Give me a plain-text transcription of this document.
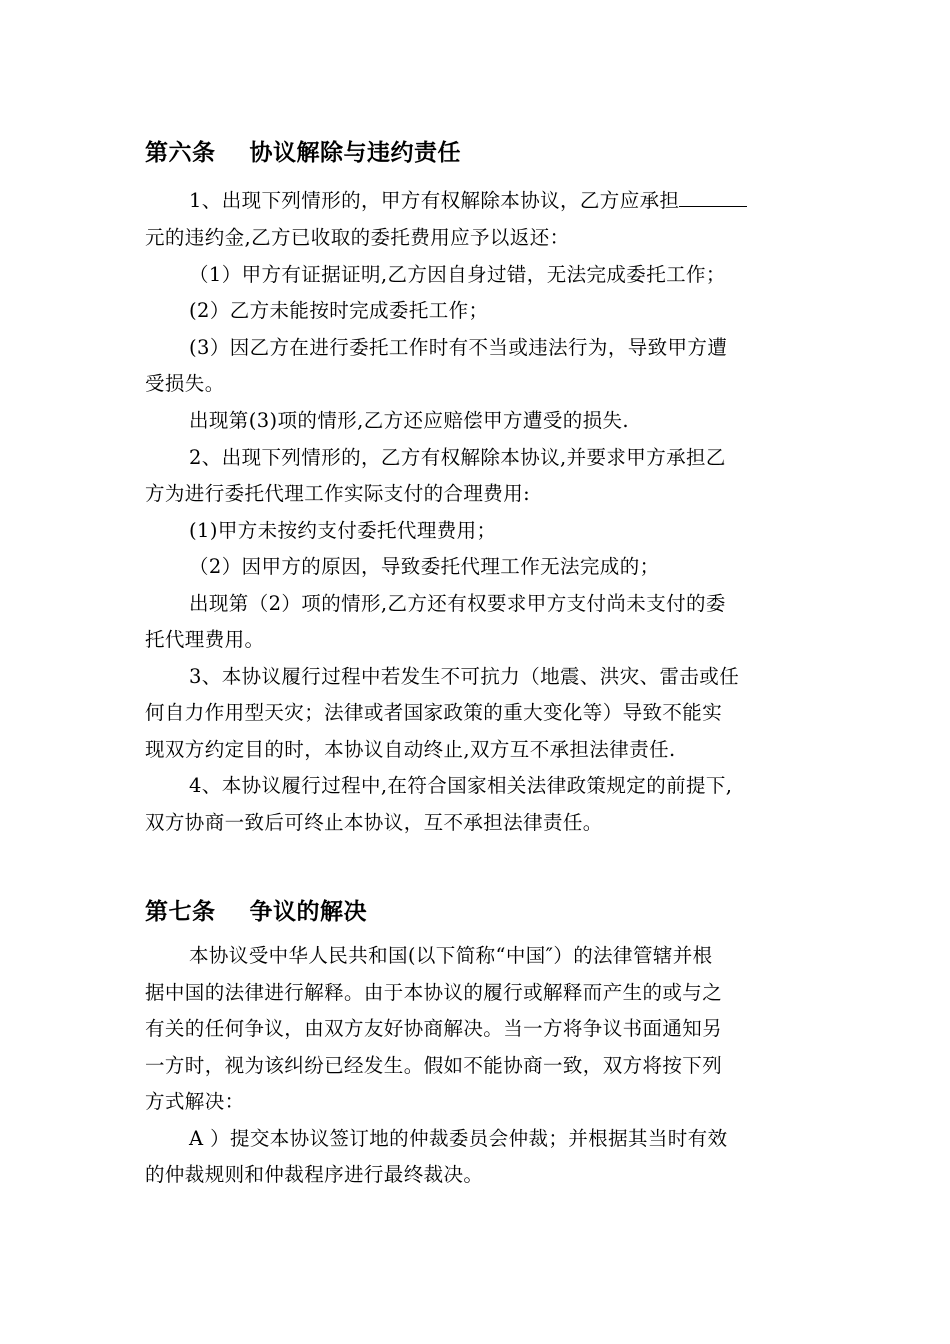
第六条    协议解除与违约责任
1、出现下列情形的，甲方有权解除本协议，乙方应承担
元的违约金,乙方已收取的委托费用应予以返还：
（1）甲方有证据证明,乙方因自身过错，无法完成委托工作；
(2）乙方未能按时完成委托工作；
(3）因乙方在进行委托工作时有不当或违法行为，导致甲方遭
受损失。
出现第(3)项的情形,乙方还应赔偿甲方遭受的损失.
2、出现下列情形的，乙方有权解除本协议,并要求甲方承担乙
方为进行委托代理工作实际支付的合理费用:
(1)甲方未按约支付委托代理费用；
（2）因甲方的原因，导致委托代理工作无法完成的；
出现第（2）项的情形,乙方还有权要求甲方支付尚未支付的委
托代理费用。
3、本协议履行过程中若发生不可抗力（地震、洪灾、雷击或任
何自力作用型天灾；法律或者国家政策的重大变化等）导致不能实
现双方约定目的时，本协议自动终止,双方互不承担法律责任.
4、本协议履行过程中,在符合国家相关法律政策规定的前提下,
双方协商一致后可终止本协议，互不承担法律责任。
第七条    争议的解决
本协议受中华人民共和国(以下简称“中国″）的法律管辖并根
据中国的法律进行解释。由于本协议的履行或解释而产生的或与之
有关的任何争议，由双方友好协商解决。当一方将争议书面通知另
一方时，视为该纠纷已经发生。假如不能协商一致，双方将按下列
方式解决：
A ）提交本协议签订地的仲裁委员会仲裁；并根据其当时有效
的仲裁规则和仲裁程序进行最终裁决。
